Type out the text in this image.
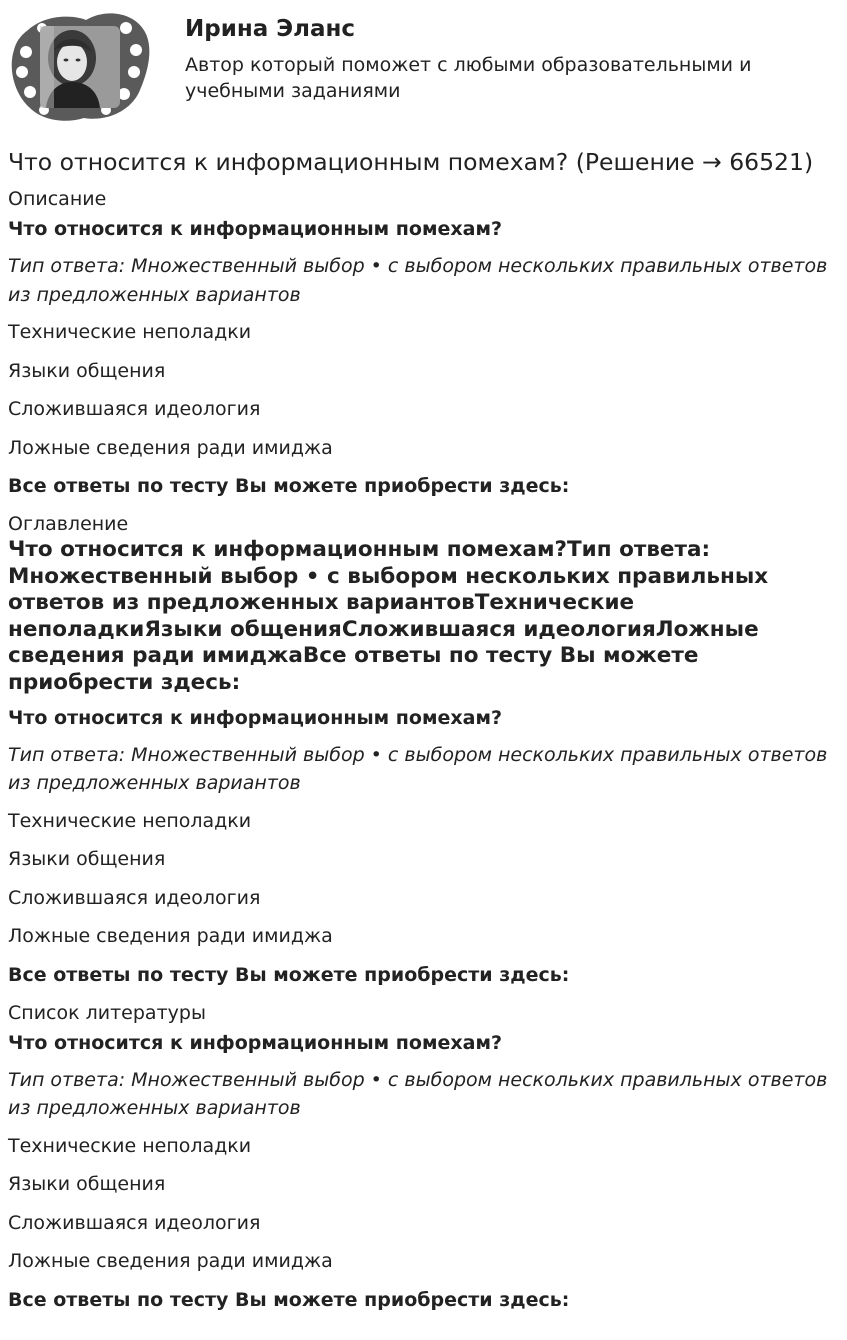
Ирина Эланс
Автор который поможет с любыми образовательными и учебными заданиями
Что относится к информационным помехам? (Решение → 66521)
Описание

Что относится к информационным помехам?

Тип ответа: Множественный выбор • с выбором нескольких правильных ответов из предложенных вариантов

Технические неполадки

Языки общения

Сложившаяся идеология

Ложные сведения ради имиджа

Все ответы по тесту Вы можете приобрести здесь:

Оглавление
Что относится к информационным помехам?Тип ответа: Множественный выбор • с выбором нескольких правильных ответов из предложенных вариантовТехнические неполадкиЯзыки общенияСложившаяся идеологияЛожные сведения ради имиджаВсе ответы по тесту Вы можете приобрести здесь:

Что относится к информационным помехам?

Тип ответа: Множественный выбор • с выбором нескольких правильных ответов из предложенных вариантов

Технические неполадки

Языки общения

Сложившаяся идеология

Ложные сведения ради имиджа

Все ответы по тесту Вы можете приобрести здесь:

Список литературы

Что относится к информационным помехам?

Тип ответа: Множественный выбор • с выбором нескольких правильных ответов из предложенных вариантов

Технические неполадки

Языки общения

Сложившаяся идеология

Ложные сведения ради имиджа

Все ответы по тесту Вы можете приобрести здесь:
